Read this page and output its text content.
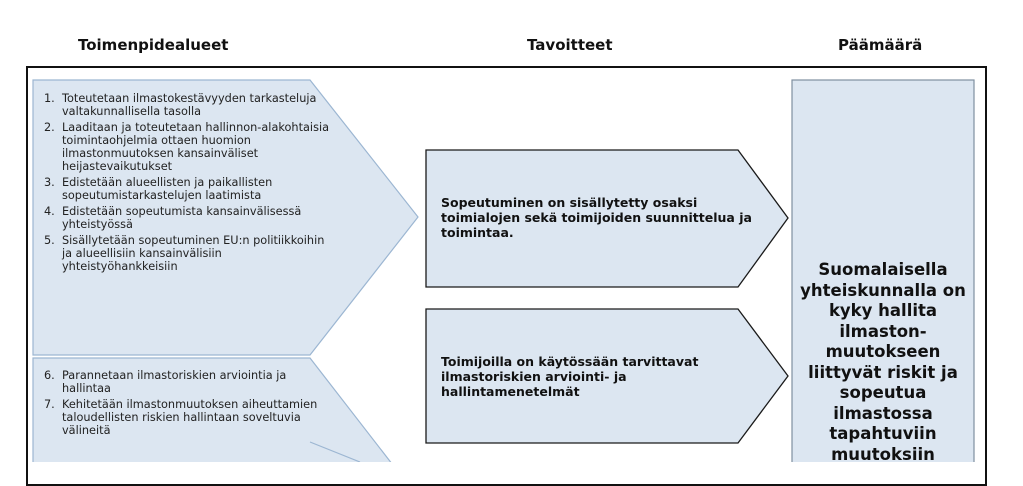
Toimenpidealueet	Tavoitteet	Päämäärä
1. Toteutetaan ilmastokestävyyden tarkasteluja valtakunnallisella tasolla
2. Laaditaan ja toteutetaan hallinnon-alakohtaisia toimintaohjelmia ottaen huomion ilmastonmuutoksen kansainväliset heijastevaikutukset
3. Edistetään alueellisten ja paikallisten sopeutumistarkastelujen laatimista
4. Edistetään sopeutumista kansainvälisessä yhteistyössä
5. Sisällytetään sopeutuminen EU:n politiikkoihin ja alueellisiin kansainvälisiin yhteistyöhankkeisiin
6. Parannetaan ilmastoriskien arviointia ja hallintaa
7. Kehitetään ilmastonmuutoksen aiheuttamien taloudellisten riskien hallintaan soveltuvia välineitä
Sopeutuminen on sisällytetty osaksi toimialojen sekä toimijoiden suunnittelua ja toimintaa.
Toimijoilla on käytössään tarvittavat ilmastoriskien arviointi- ja hallintamenetelmät
Suomalaisella yhteiskunnalla on kyky hallita ilmaston-muutokseen liittyvät riskit ja sopeutua ilmastossa tapahtuviin muutoksiin
